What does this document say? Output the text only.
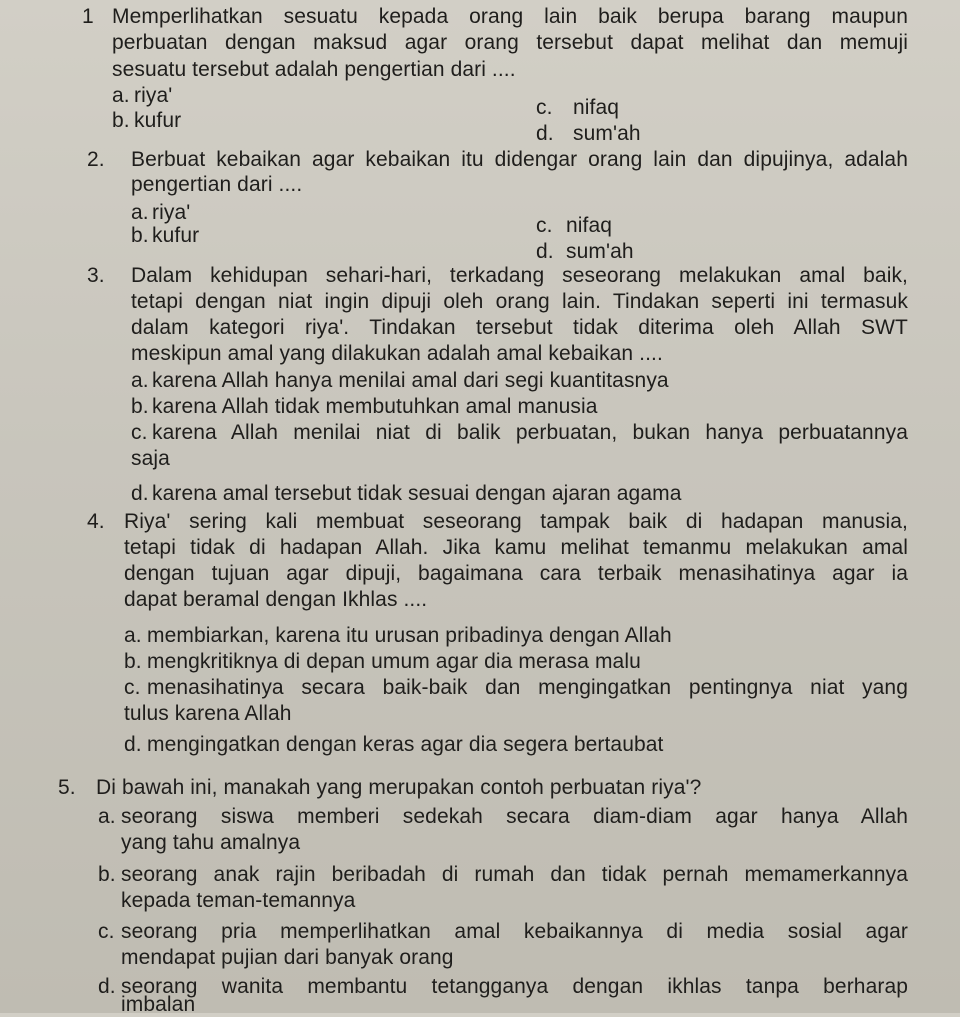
1 Memperlihatkan sesuatu kepada orang lain baik berupa barang maupun
perbuatan dengan maksud agar orang tersebut dapat melihat dan memuji
sesuatu tersebut adalah pengertian dari ....
a. riya'
b. kufur
c. nifaq
d. sum'ah
2. Berbuat kebaikan agar kebaikan itu didengar orang lain dan dipujinya, adalah
pengertian dari ....
a. riya'
b. kufur	c. nifaq
d. sum'ah
3. Dalam kehidupan sehari-hari, terkadang seseorang melakukan amal baik,
tetapi dengan niat ingin dipuji oleh orang lain. Tindakan seperti ini termasuk
dalam kategori riya'. Tindakan tersebut tidak diterima oleh Allah SWT
meskipun amal yang dilakukan adalah amal kebaikan ....
a. karena Allah hanya menilai amal dari segi kuantitasnya
b. karena Allah tidak membutuhkan amal manusia
c. karena Allah menilai niat di balik perbuatan, bukan hanya perbuatannya
saja
d. karena amal tersebut tidak sesuai dengan ajaran agama
4. Riya' sering kali membuat seseorang tampak baik di hadapan manusia,
tetapi tidak di hadapan Allah. Jika kamu melihat temanmu melakukan amal
dengan tujuan agar dipuji, bagaimana cara terbaik menasihatinya agar ia
dapat beramal dengan Ikhlas ....
a. membiarkan, karena itu urusan pribadinya dengan Allah
b. mengkritiknya di depan umum agar dia merasa malu
c. menasihatinya secara baik-baik dan mengingatkan pentingnya niat yang
tulus karena Allah
d. mengingatkan dengan keras agar dia segera bertaubat
5. Di bawah ini, manakah yang merupakan contoh perbuatan riya'?
a. seorang siswa memberi sedekah secara diam-diam agar hanya Allah
yang tahu amalnya
b. seorang anak rajin beribadah di rumah dan tidak pernah memamerkannya
kepada teman-temannya
c. seorang pria memperlihatkan amal kebaikannya di media sosial agar
mendapat pujian dari banyak orang
d. seorang wanita membantu tetangganya dengan ikhlas tanpa berharap
imbalan
